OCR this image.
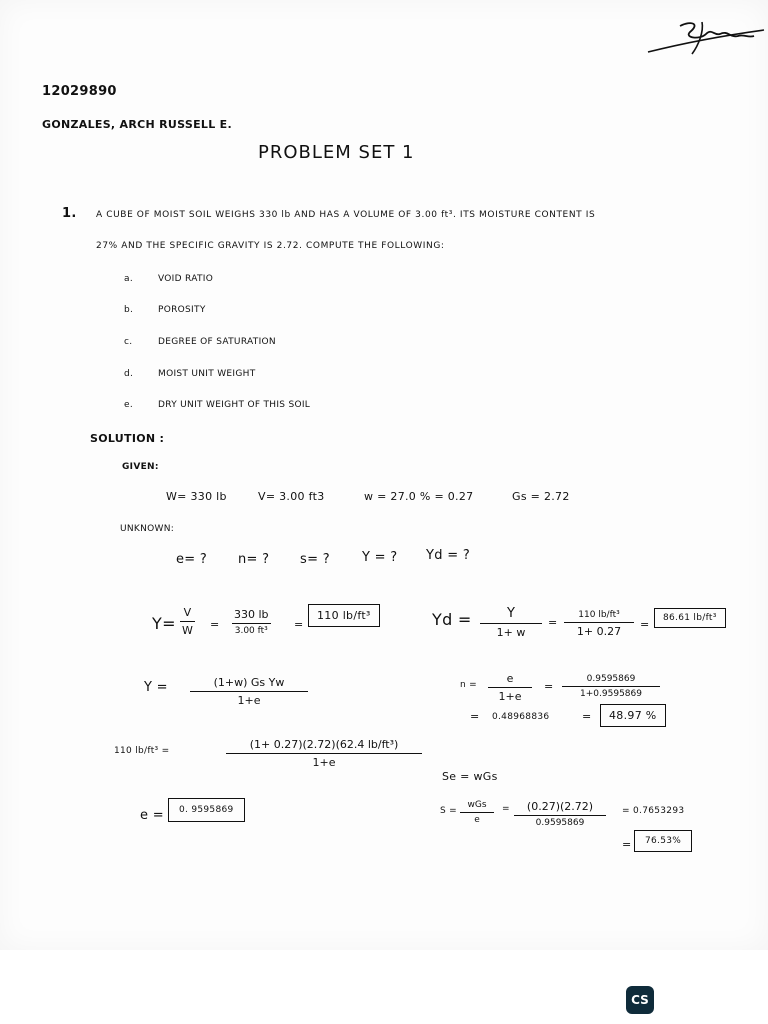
12029890
GONZALES, ARCH RUSSELL E.
PROBLEM SET 1
1. A CUBE OF MOIST SOIL WEIGHS 330 lb AND HAS A VOLUME OF 3.00 ft³. ITS MOISTURE CONTENT IS
27% AND THE SPECIFIC GRAVITY IS 2.72. COMPUTE THE FOLLOWING:
a.	VOID RATIO
b.	POROSITY
c.	DEGREE OF SATURATION
d.	MOIST UNIT WEIGHT
e.	DRY UNIT WEIGHT OF THIS SOIL
SOLUTION :
GIVEN:
W= 330 lb	V= 3.00 ft3	w = 27.0 % = 0.27	Gs = 2.72
UNKNOWN:
e= ? n= ? s= ? Y = ? Yd = ?
Y=
V
W =
330 lb
3.00 ft³
=
110 lb/ft³	Yd =	Y
1+ w
=
110 lb/ft³
1+ 0.27
=	86.61 lb/ft³
Y =	(1+w) Gs Yw
1+e
n =	e
1+e
=
0.9595869
1+0.9595869
= 0.48968836	=	48.97 %
110 lb/ft³ =	(1+ 0.27)(2.72)(62.4 lb/ft³)
1+e
Se = wGs
e =	0. 9595869	S =
wGs
e
=	(0.27)(2.72)
0.9595869
= 0.7653293
=	76.53%
CS
